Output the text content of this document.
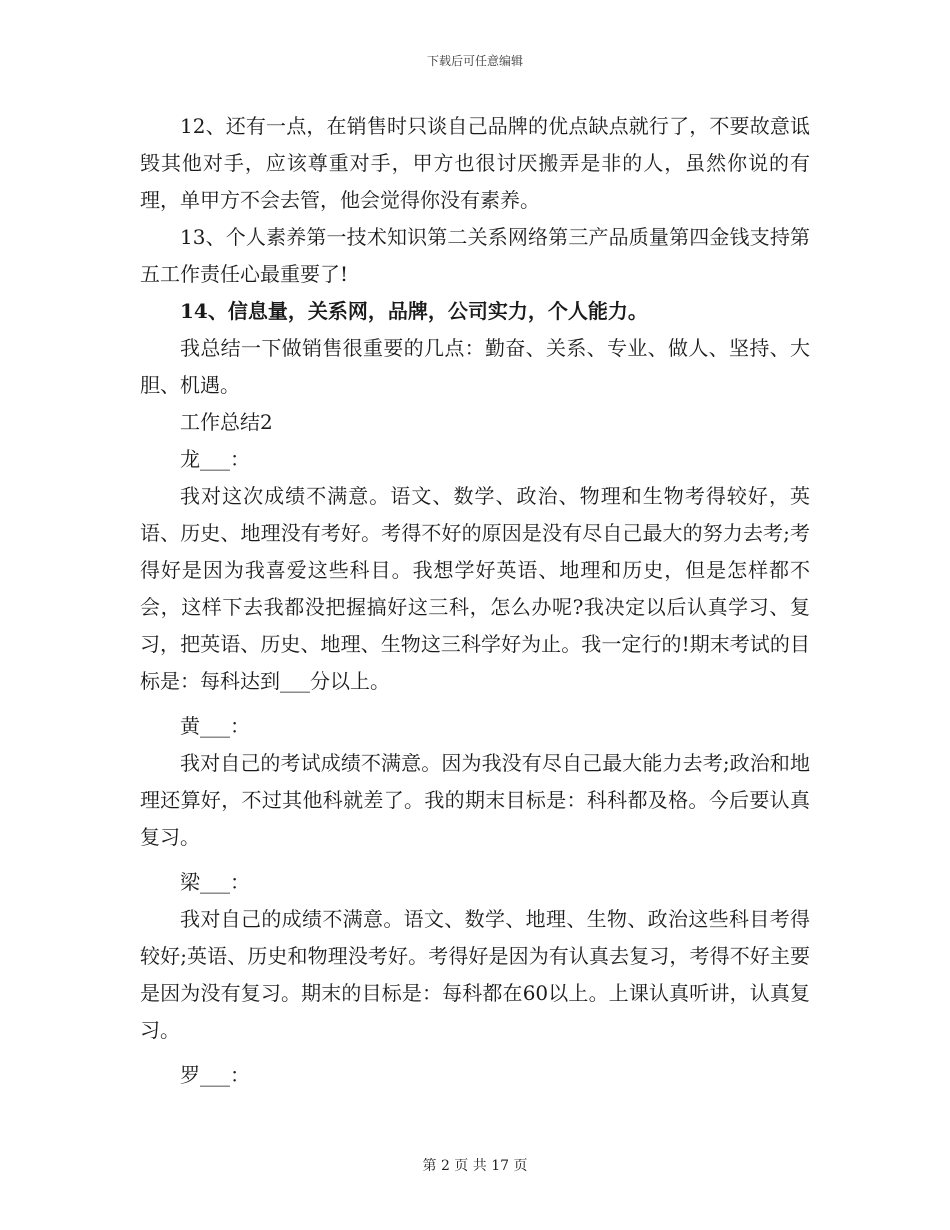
下载后可任意编辑

12、还有一点，在销售时只谈自己品牌的优点缺点就行了，不要故意诋毁其他对手，应该尊重对手，甲方也很讨厌搬弄是非的人，虽然你说的有理，单甲方不会去管，他会觉得你没有素养。

13、个人素养第一技术知识第二关系网络第三产品质量第四金钱支持第五工作责任心最重要了!

14、信息量，关系网，品牌，公司实力，个人能力。

我总结一下做销售很重要的几点：勤奋、关系、专业、做人、坚持、大胆、机遇。

工作总结2

龙___：

我对这次成绩不满意。语文、数学、政治、物理和生物考得较好，英语、历史、地理没有考好。考得不好的原因是没有尽自己最大的努力去考;考得好是因为我喜爱这些科目。我想学好英语、地理和历史，但是怎样都不会，这样下去我都没把握搞好这三科，怎么办呢?我决定以后认真学习、复习，把英语、历史、地理、生物这三科学好为止。我一定行的!期末考试的目标是：每科达到___分以上。

黄___：

我对自己的考试成绩不满意。因为我没有尽自己最大能力去考;政治和地理还算好，不过其他科就差了。我的期末目标是：科科都及格。今后要认真复习。

梁___：

我对自己的成绩不满意。语文、数学、地理、生物、政治这些科目考得较好;英语、历史和物理没考好。考得好是因为有认真去复习，考得不好主要是因为没有复习。期末的目标是：每科都在60以上。上课认真听讲，认真复习。

罗___：

第 2 页 共 17 页
